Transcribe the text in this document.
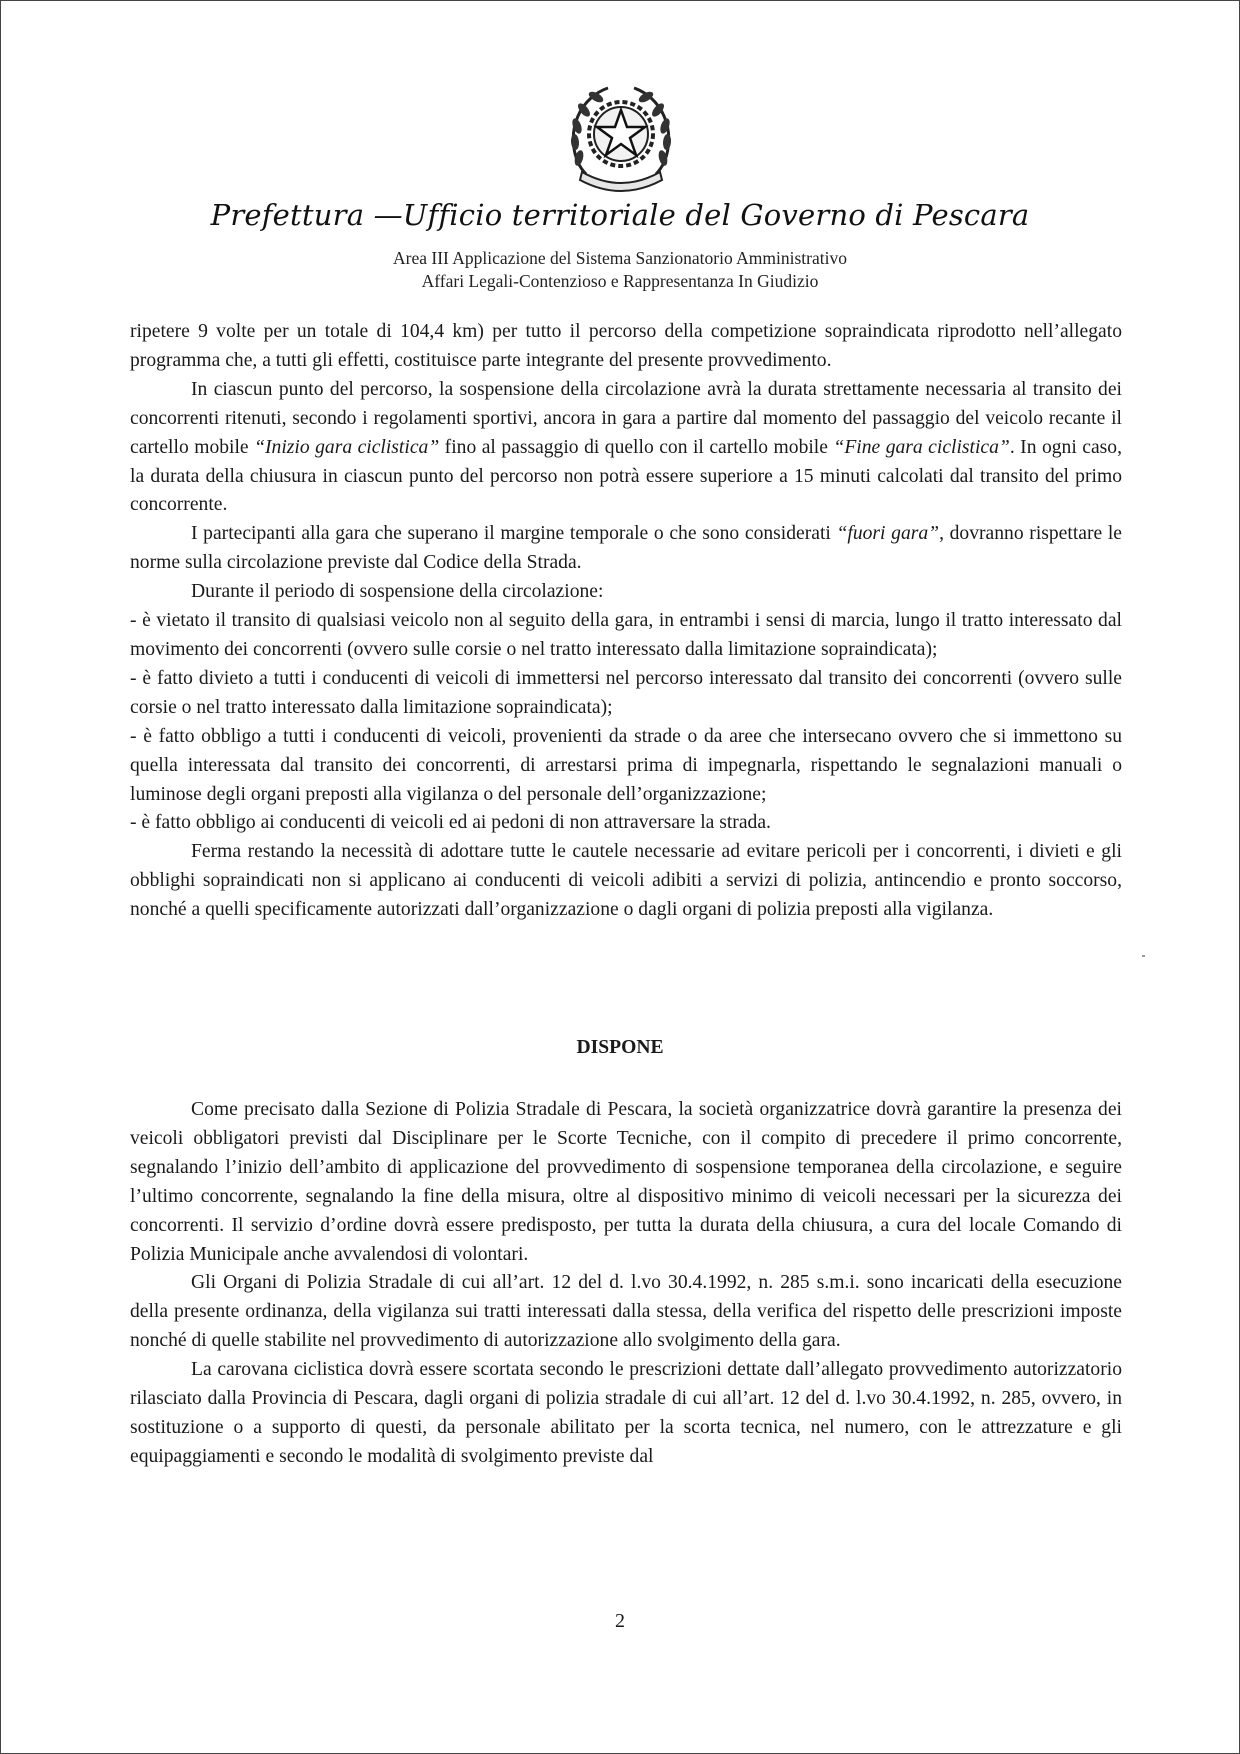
Prefettura —Ufficio territoriale del Governo di Pescara
Area III Applicazione del Sistema Sanzionatorio Amministrativo
Affari Legali-Contenzioso e Rappresentanza In Giudizio

ripetere 9 volte per un totale di 104,4 km) per tutto il percorso della competizione sopraindicata riprodotto nell’allegato programma che, a tutti gli effetti, costituisce parte integrante del presente provvedimento.

In ciascun punto del percorso, la sospensione della circolazione avrà la durata strettamente necessaria al transito dei concorrenti ritenuti, secondo i regolamenti sportivi, ancora in gara a partire dal momento del passaggio del veicolo recante il cartello mobile “Inizio gara ciclistica” fino al passaggio di quello con il cartello mobile “Fine gara ciclistica”. In ogni caso, la durata della chiusura in ciascun punto del percorso non potrà essere superiore a 15 minuti calcolati dal transito del primo concorrente.

I partecipanti alla gara che superano il margine temporale o che sono considerati “fuori gara”, dovranno rispettare le norme sulla circolazione previste dal Codice della Strada.

Durante il periodo di sospensione della circolazione:

- è vietato il transito di qualsiasi veicolo non al seguito della gara, in entrambi i sensi di marcia, lungo il tratto interessato dal movimento dei concorrenti (ovvero sulle corsie o nel tratto interessato dalla limitazione sopraindicata);

- è fatto divieto a tutti i conducenti di veicoli di immettersi nel percorso interessato dal transito dei concorrenti (ovvero sulle corsie o nel tratto interessato dalla limitazione sopraindicata);

- è fatto obbligo a tutti i conducenti di veicoli, provenienti da strade o da aree che intersecano ovvero che si immettono su quella interessata dal transito dei concorrenti, di arrestarsi prima di impegnarla, rispettando le segnalazioni manuali o luminose degli organi preposti alla vigilanza o del personale dell’organizzazione;

- è fatto obbligo ai conducenti di veicoli ed ai pedoni di non attraversare la strada.

Ferma restando la necessità di adottare tutte le cautele necessarie ad evitare pericoli per i concorrenti, i divieti e gli obblighi sopraindicati non si applicano ai conducenti di veicoli adibiti a servizi di polizia, antincendio e pronto soccorso, nonché a quelli specificamente autorizzati dall’organizzazione o dagli organi di polizia preposti alla vigilanza.

DISPONE

Come precisato dalla Sezione di Polizia Stradale di Pescara, la società organizzatrice dovrà garantire la presenza dei veicoli obbligatori previsti dal Disciplinare per le Scorte Tecniche, con il compito di precedere il primo concorrente, segnalando l’inizio dell’ambito di applicazione del provvedimento di sospensione temporanea della circolazione, e seguire l’ultimo concorrente, segnalando la fine della misura, oltre al dispositivo minimo di veicoli necessari per la sicurezza dei concorrenti. Il servizio d’ordine dovrà essere predisposto, per tutta la durata della chiusura, a cura del locale Comando di Polizia Municipale anche avvalendosi di volontari.

Gli Organi di Polizia Stradale di cui all’art. 12 del d. l.vo 30.4.1992, n. 285 s.m.i. sono incaricati della esecuzione della presente ordinanza, della vigilanza sui tratti interessati dalla stessa, della verifica del rispetto delle prescrizioni imposte nonché di quelle stabilite nel provvedimento di autorizzazione allo svolgimento della gara.

La carovana ciclistica dovrà essere scortata secondo le prescrizioni dettate dall’allegato provvedimento autorizzatorio rilasciato dalla Provincia di Pescara, dagli organi di polizia stradale di cui all’art. 12 del d. l.vo 30.4.1992, n. 285, ovvero, in sostituzione o a supporto di questi, da personale abilitato per la scorta tecnica, nel numero, con le attrezzature e gli equipaggiamenti e secondo le modalità di svolgimento previste dal

2
